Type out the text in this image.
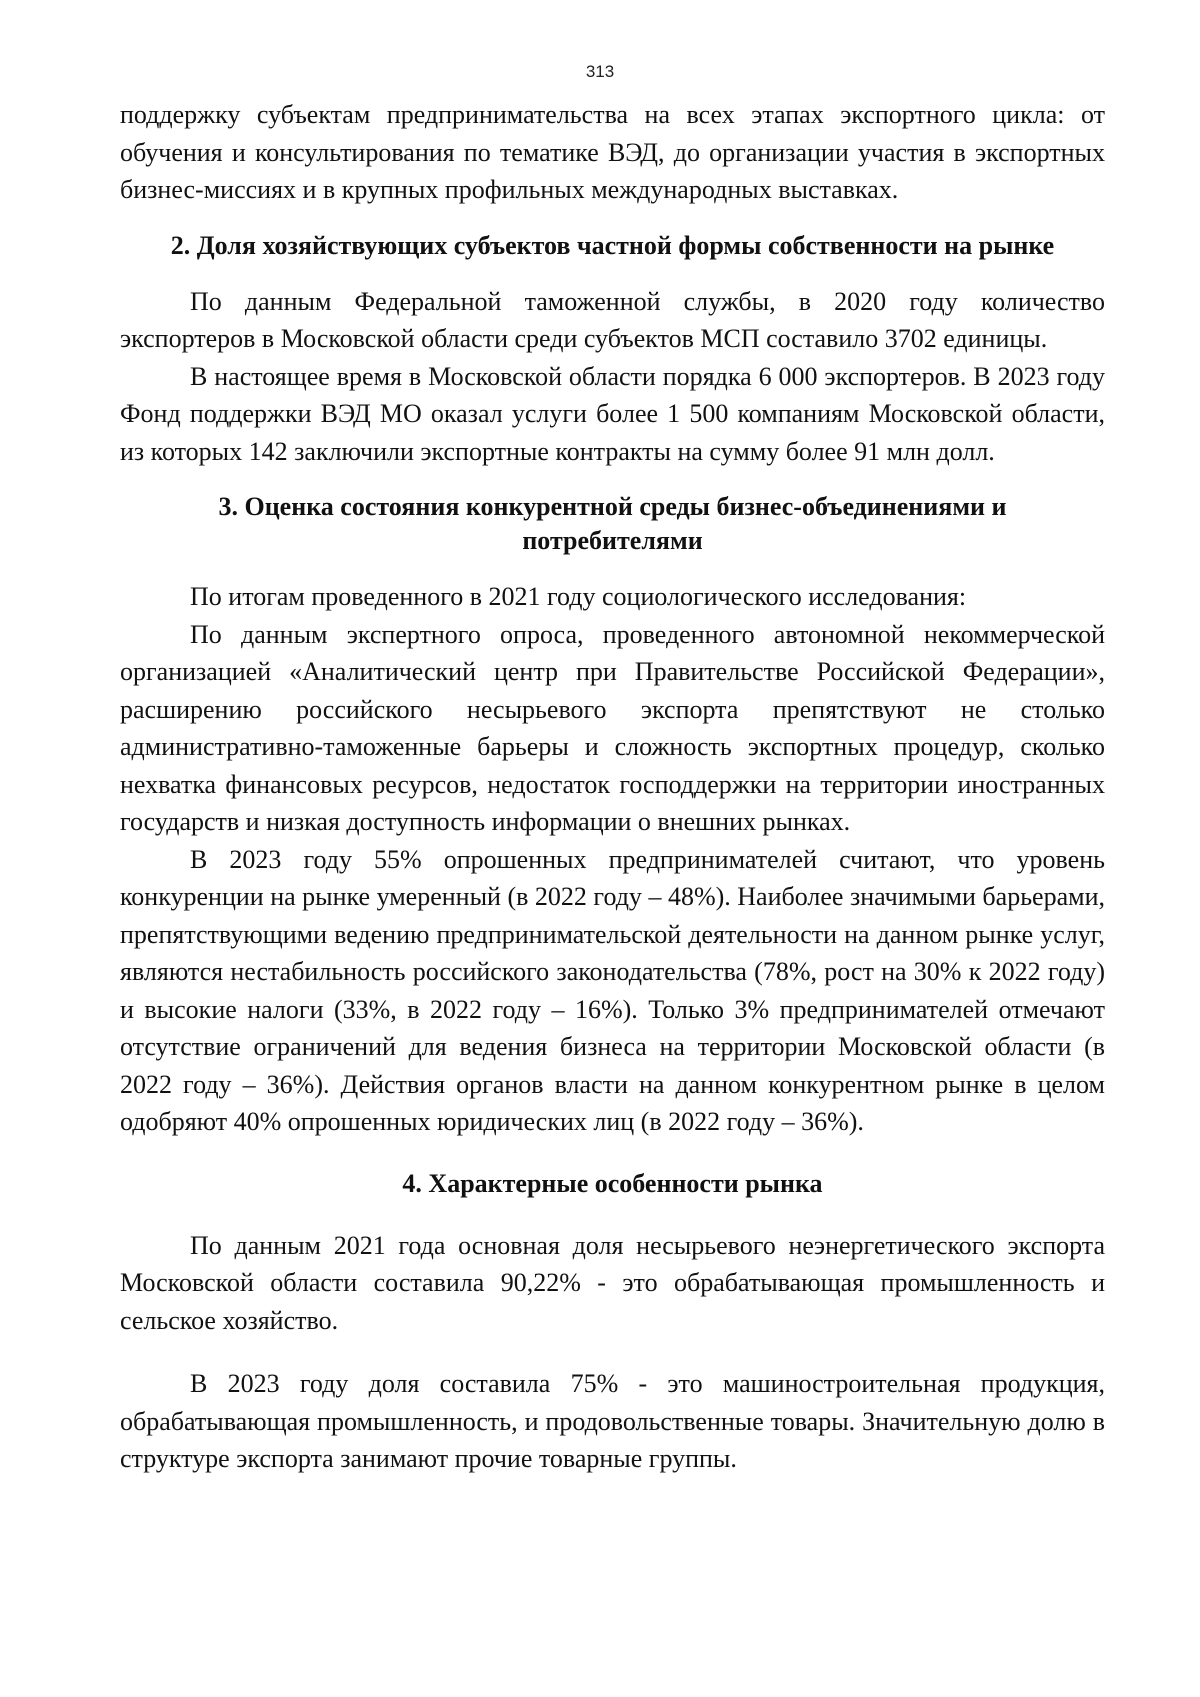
313

поддержку субъектам предпринимательства на всех этапах экспортного цикла: от обучения и консультирования по тематике ВЭД, до организации участия в экспортных бизнес-миссиях и в крупных профильных международных выставках.

2. Доля хозяйствующих субъектов частной формы собственности на рынке

По данным Федеральной таможенной службы, в 2020 году количество экспортеров в Московской области среди субъектов МСП составило 3702 единицы.

В настоящее время в Московской области порядка 6 000 экспортеров. В 2023 году Фонд поддержки ВЭД МО оказал услуги более 1 500 компаниям Московской области, из которых 142 заключили экспортные контракты на сумму более 91 млн долл.

3. Оценка состояния конкурентной среды бизнес-объединениями и
потребителями

По итогам проведенного в 2021 году социологического исследования:

По данным экспертного опроса, проведенного автономной некоммерческой организацией «Аналитический центр при Правительстве Российской Федерации», расширению российского несырьевого экспорта препятствуют не столько административно-таможенные барьеры и сложность экспортных процедур, сколько нехватка финансовых ресурсов, недостаток господдержки на территории иностранных государств и низкая доступность информации о внешних рынках.

В 2023 году 55% опрошенных предпринимателей считают, что уровень конкуренции на рынке умеренный (в 2022 году – 48%). Наиболее значимыми барьерами, препятствующими ведению предпринимательской деятельности на данном рынке услуг, являются нестабильность российского законодательства (78%, рост на 30% к 2022 году) и высокие налоги (33%, в 2022 году – 16%). Только 3% предпринимателей отмечают отсутствие ограничений для ведения бизнеса на территории Московской области (в 2022 году – 36%). Действия органов власти на данном конкурентном рынке в целом одобряют 40% опрошенных юридических лиц (в 2022 году – 36%).

4. Характерные особенности рынка

По данным 2021 года основная доля несырьевого неэнергетического экспорта Московской области составила 90,22% - это обрабатывающая промышленность и сельское хозяйство.

В 2023 году доля составила 75% - это машиностроительная продукция, обрабатывающая промышленность, и продовольственные товары. Значительную долю в структуре экспорта занимают прочие товарные группы.
